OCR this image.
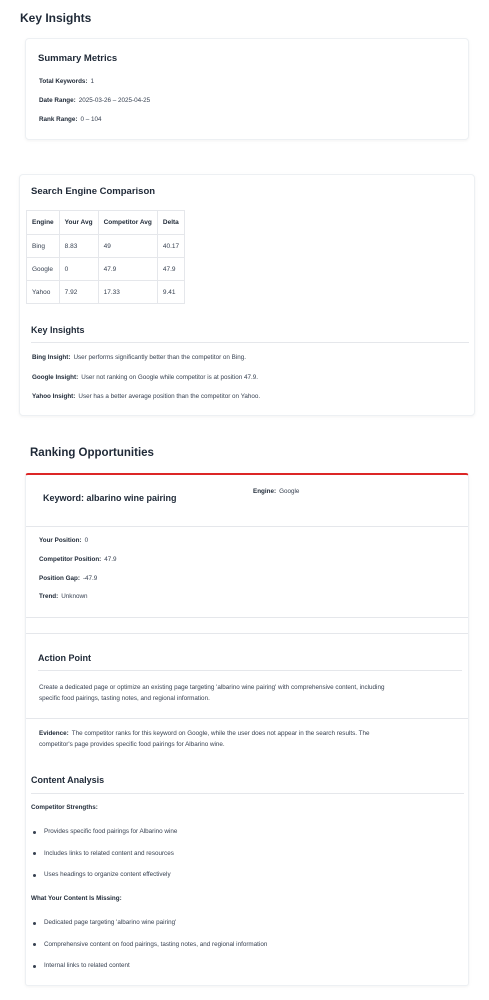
Key Insights
Summary Metrics
Total Keywords: 1
Date Range: 2025-03-26 – 2025-04-25
Rank Range: 0 – 104
Search Engine Comparison
Engine	Your Avg	Competitor Avg	Delta
Bing	8.83	49	40.17
Google	0	47.9	47.9
Yahoo	7.92	17.33	9.41
Key Insights
Bing Insight: User performs significantly better than the competitor on Bing.
Google Insight: User not ranking on Google while competitor is at position 47.9.
Yahoo Insight: User has a better average position than the competitor on Yahoo.
Ranking Opportunities
Keyword: albarino wine pairing
Engine: Google
Your Position: 0
Competitor Position: 47.9
Position Gap: -47.9
Trend: Unknown
Action Point
Create a dedicated page or optimize an existing page targeting 'albarino wine pairing' with comprehensive content, including
specific food pairings, tasting notes, and regional information.
Evidence: The competitor ranks for this keyword on Google, while the user does not appear in the search results. The
competitor's page provides specific food pairings for Albarino wine.
Content Analysis
Competitor Strengths:
Provides specific food pairings for Albarino wine
Includes links to related content and resources
Uses headings to organize content effectively
What Your Content Is Missing:
Dedicated page targeting 'albarino wine pairing'
Comprehensive content on food pairings, tasting notes, and regional information
Internal links to related content
